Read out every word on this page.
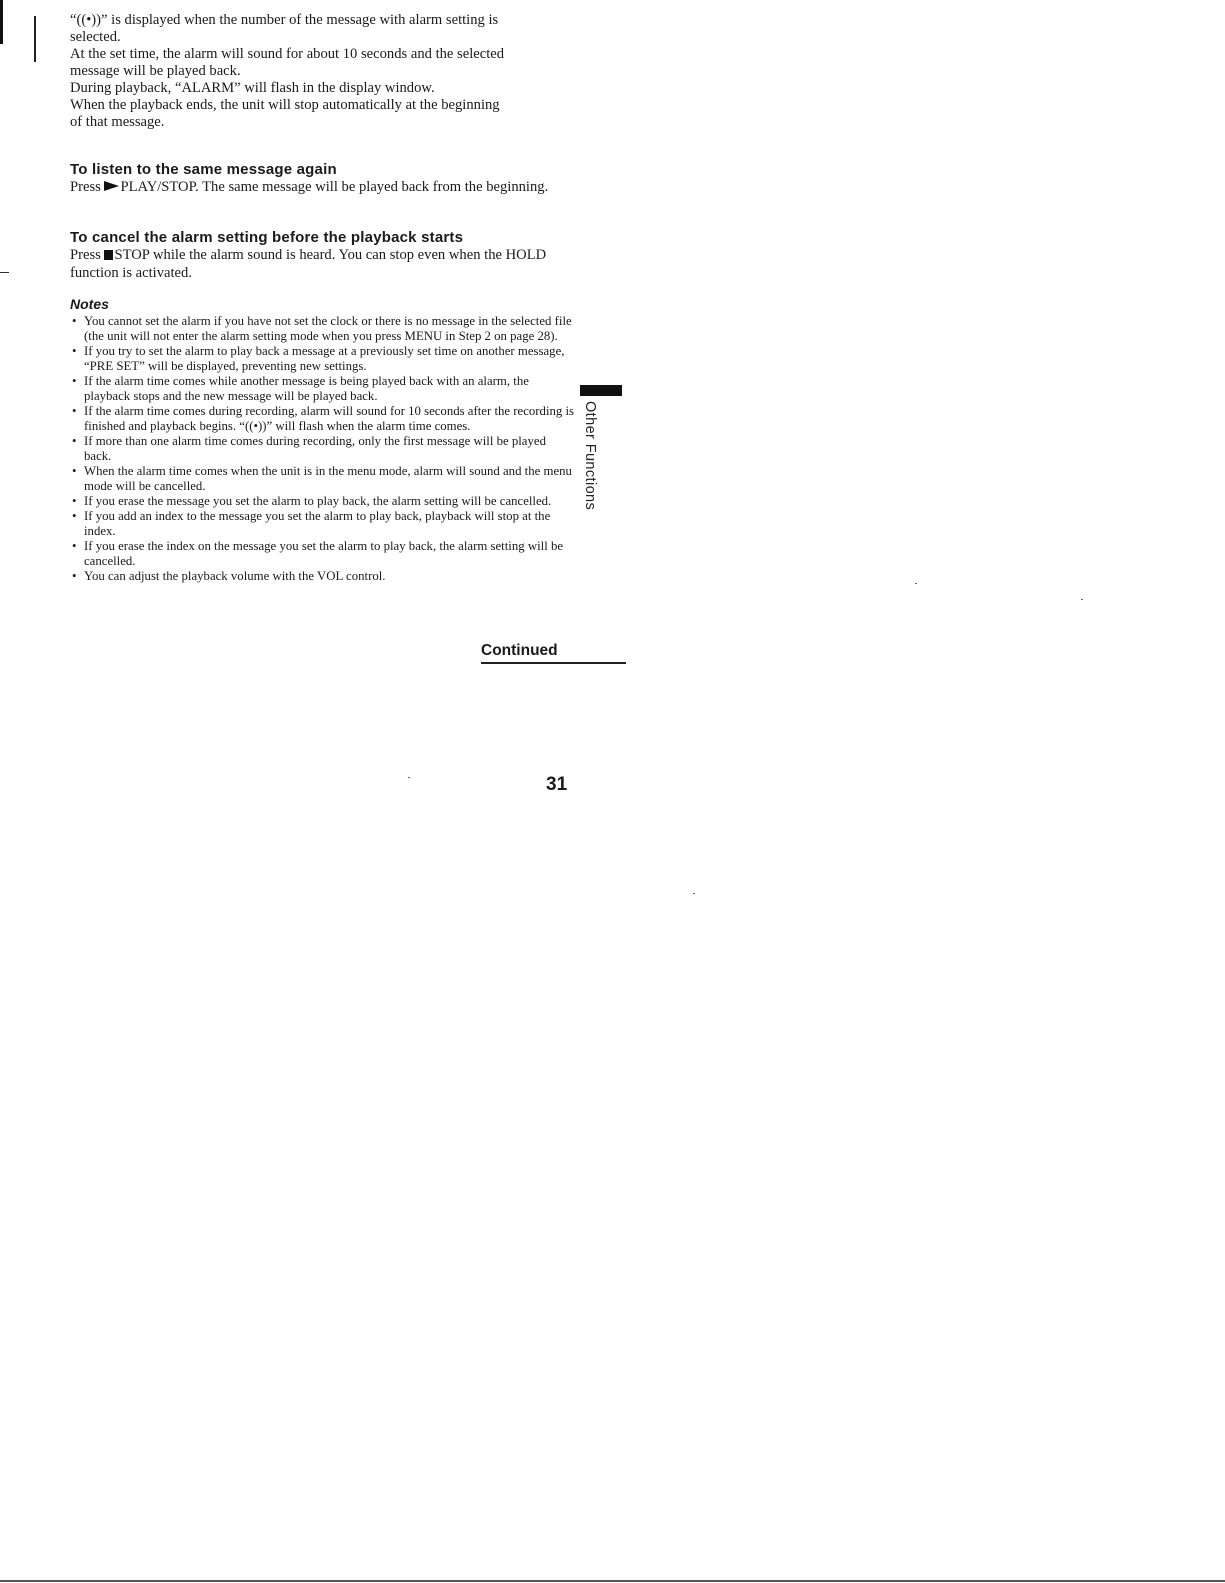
“((•))” is displayed when the number of the message with alarm setting is
selected.
At the set time, the alarm will sound for about 10 seconds and the selected
message will be played back.
During playback, “ALARM” will flash in the display window.
When the playback ends, the unit will stop automatically at the beginning
of that message.

To listen to the same message again

Press PLAY/STOP. The same message will be played back from the beginning.

To cancel the alarm setting before the playback starts

Press STOP while the alarm sound is heard. You can stop even when the HOLD function is activated.

Notes
• You cannot set the alarm if you have not set the clock or there is no message in the selected file (the unit will not enter the alarm setting mode when you press MENU in Step 2 on page 28).
• If you try to set the alarm to play back a message at a previously set time on another message, “PRE SET” will be displayed, preventing new settings.
• If the alarm time comes while another message is being played back with an alarm, the playback stops and the new message will be played back.
• If the alarm time comes during recording, alarm will sound for 10 seconds after the recording is finished and playback begins. “((•))” will flash when the alarm time comes.
• If more than one alarm time comes during recording, only the first message will be played back.
• When the alarm time comes when the unit is in the menu mode, alarm will sound and the menu mode will be cancelled.
• If you erase the message you set the alarm to play back, the alarm setting will be cancelled.
• If you add an index to the message you set the alarm to play back, playback will stop at the index.
• If you erase the index on the message you set the alarm to play back, the alarm setting will be cancelled.
• You can adjust the playback volume with the VOL control.
Other Functions
Continued
31
